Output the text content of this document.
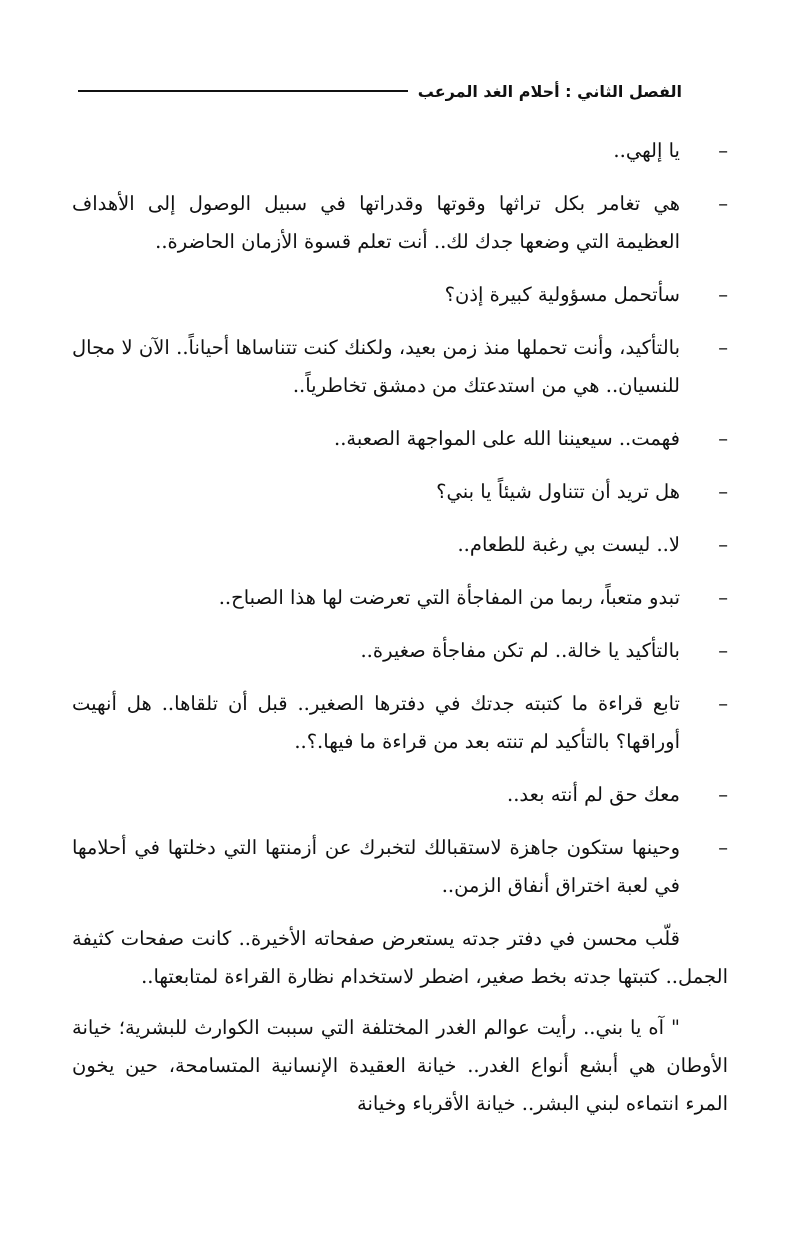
الفصل الثاني : أحلام الغد المرعب
–
يا إلهي..
–
هي تغامر بكل تراثها وقوتها وقدراتها في سبيل الوصول إلى الأهداف العظيمة التي وضعها جدك لك.. أنت تعلم قسوة الأزمان الحاضرة..
–
سأتحمل مسؤولية كبيرة إذن؟
–
بالتأكيد، وأنت تحملها منذ زمن بعيد، ولكنك كنت تتناساها أحياناً.. الآن لا مجال للنسيان.. هي من استدعتك من دمشق تخاطرياً..
–
فهمت.. سيعيننا الله على المواجهة الصعبة..
–
هل تريد أن تتناول شيئاً يا بني؟
–
لا.. ليست بي رغبة للطعام..
–
تبدو متعباً، ربما من المفاجأة التي تعرضت لها هذا الصباح..
–
بالتأكيد يا خالة.. لم تكن مفاجأة صغيرة..
–
تابع قراءة ما كتبته جدتك في دفترها الصغير.. قبل أن تلقاها.. هل أنهيت أوراقها؟ بالتأكيد لم تنته بعد من قراءة ما فيها.؟..
–
معك حق لم أنته بعد..
–
وحينها ستكون جاهزة لاستقبالك لتخبرك عن أزمنتها التي دخلتها في أحلامها في لعبة اختراق أنفاق الزمن..

قلّب محسن في دفتر جدته يستعرض صفحاته الأخيرة.. كانت صفحات كثيفة الجمل.. كتبتها جدته بخط صغير، اضطر لاستخدام نظارة القراءة لمتابعتها..

" آه يا بني.. رأيت عوالم الغدر المختلفة التي سببت الكوارث للبشرية؛ خيانة الأوطان هي أبشع أنواع الغدر.. خيانة العقيدة الإنسانية المتسامحة، حين يخون المرء انتماءه لبني البشر.. خيانة الأقرباء وخيانة
